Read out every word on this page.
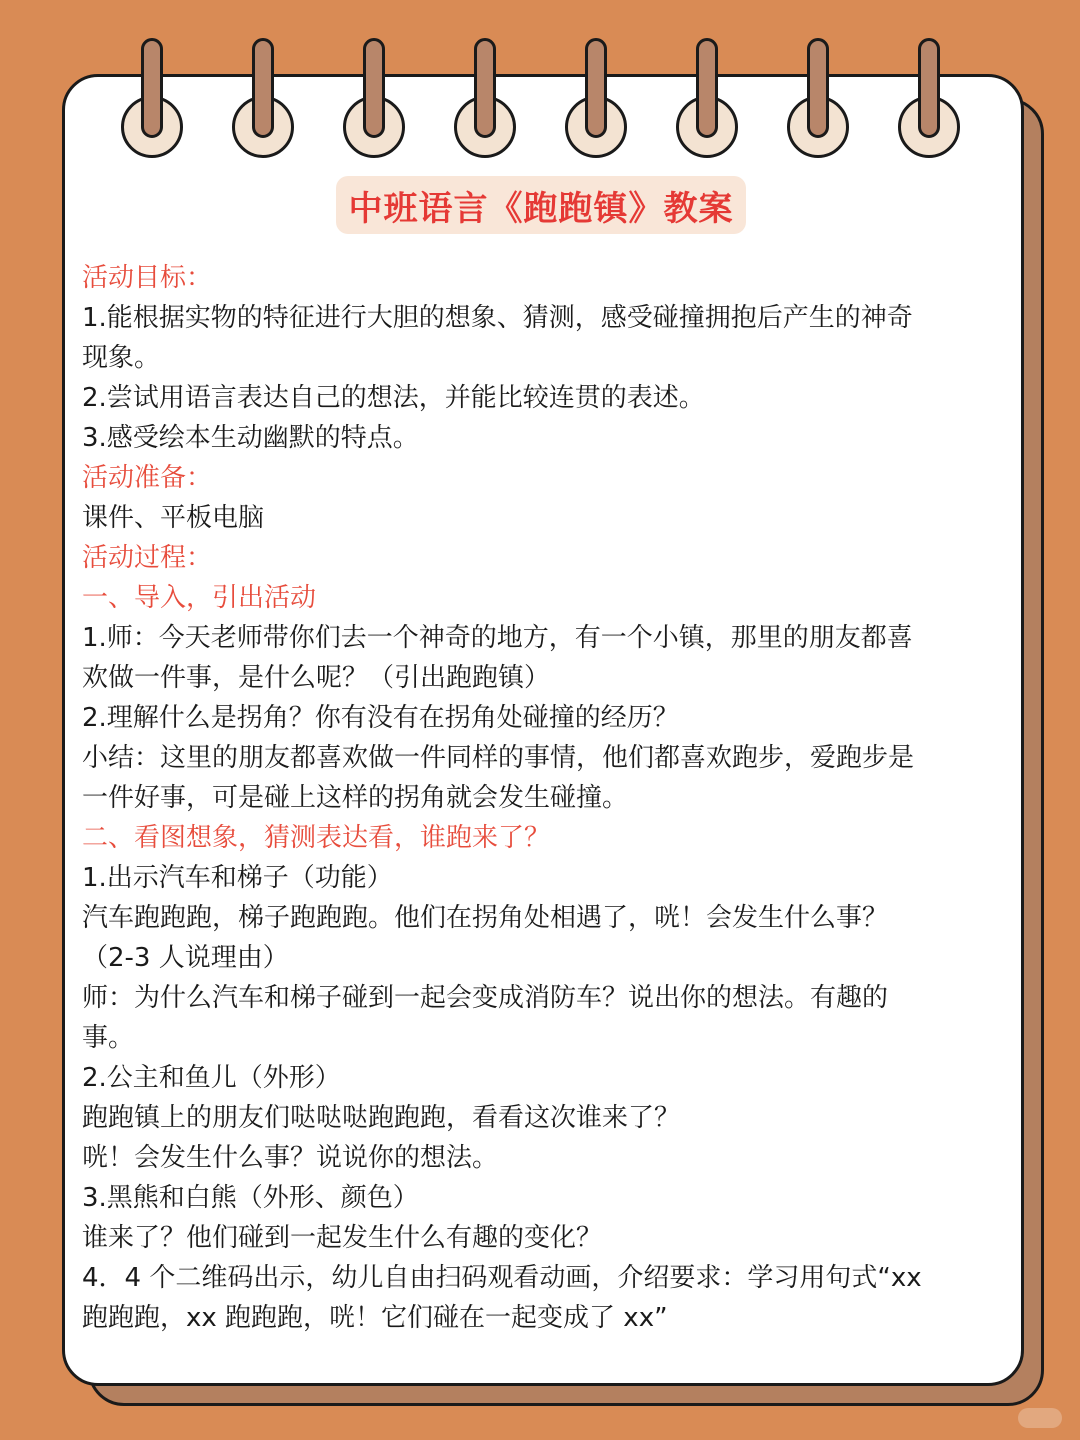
中班语言《跑跑镇》教案
活动目标：
1.能根据实物的特征进行大胆的想象、猜测，感受碰撞拥抱后产生的神奇
现象。
2.尝试用语言表达自己的想法，并能比较连贯的表述。
3.感受绘本生动幽默的特点。
活动准备：
课件、平板电脑
活动过程：
一、导入，引出活动
1.师：今天老师带你们去一个神奇的地方，有一个小镇，那里的朋友都喜
欢做一件事，是什么呢？（引出跑跑镇）
2.理解什么是拐角？你有没有在拐角处碰撞的经历？
小结：这里的朋友都喜欢做一件同样的事情，他们都喜欢跑步，爱跑步是
一件好事，可是碰上这样的拐角就会发生碰撞。
二、看图想象，猜测表达看，谁跑来了？
1.出示汽车和梯子（功能）
汽车跑跑跑，梯子跑跑跑。他们在拐角处相遇了，咣！会发生什么事？
（2-3 人说理由）
师：为什么汽车和梯子碰到一起会变成消防车？说出你的想法。有趣的
事。
2.公主和鱼儿（外形）
跑跑镇上的朋友们哒哒哒跑跑跑，看看这次谁来了？
咣！会发生什么事？说说你的想法。
3.黑熊和白熊（外形、颜色）
谁来了？他们碰到一起发生什么有趣的变化？
4．4 个二维码出示，幼儿自由扫码观看动画，介绍要求：学习用句式“xx
跑跑跑，xx 跑跑跑，咣！它们碰在一起变成了 xx”
